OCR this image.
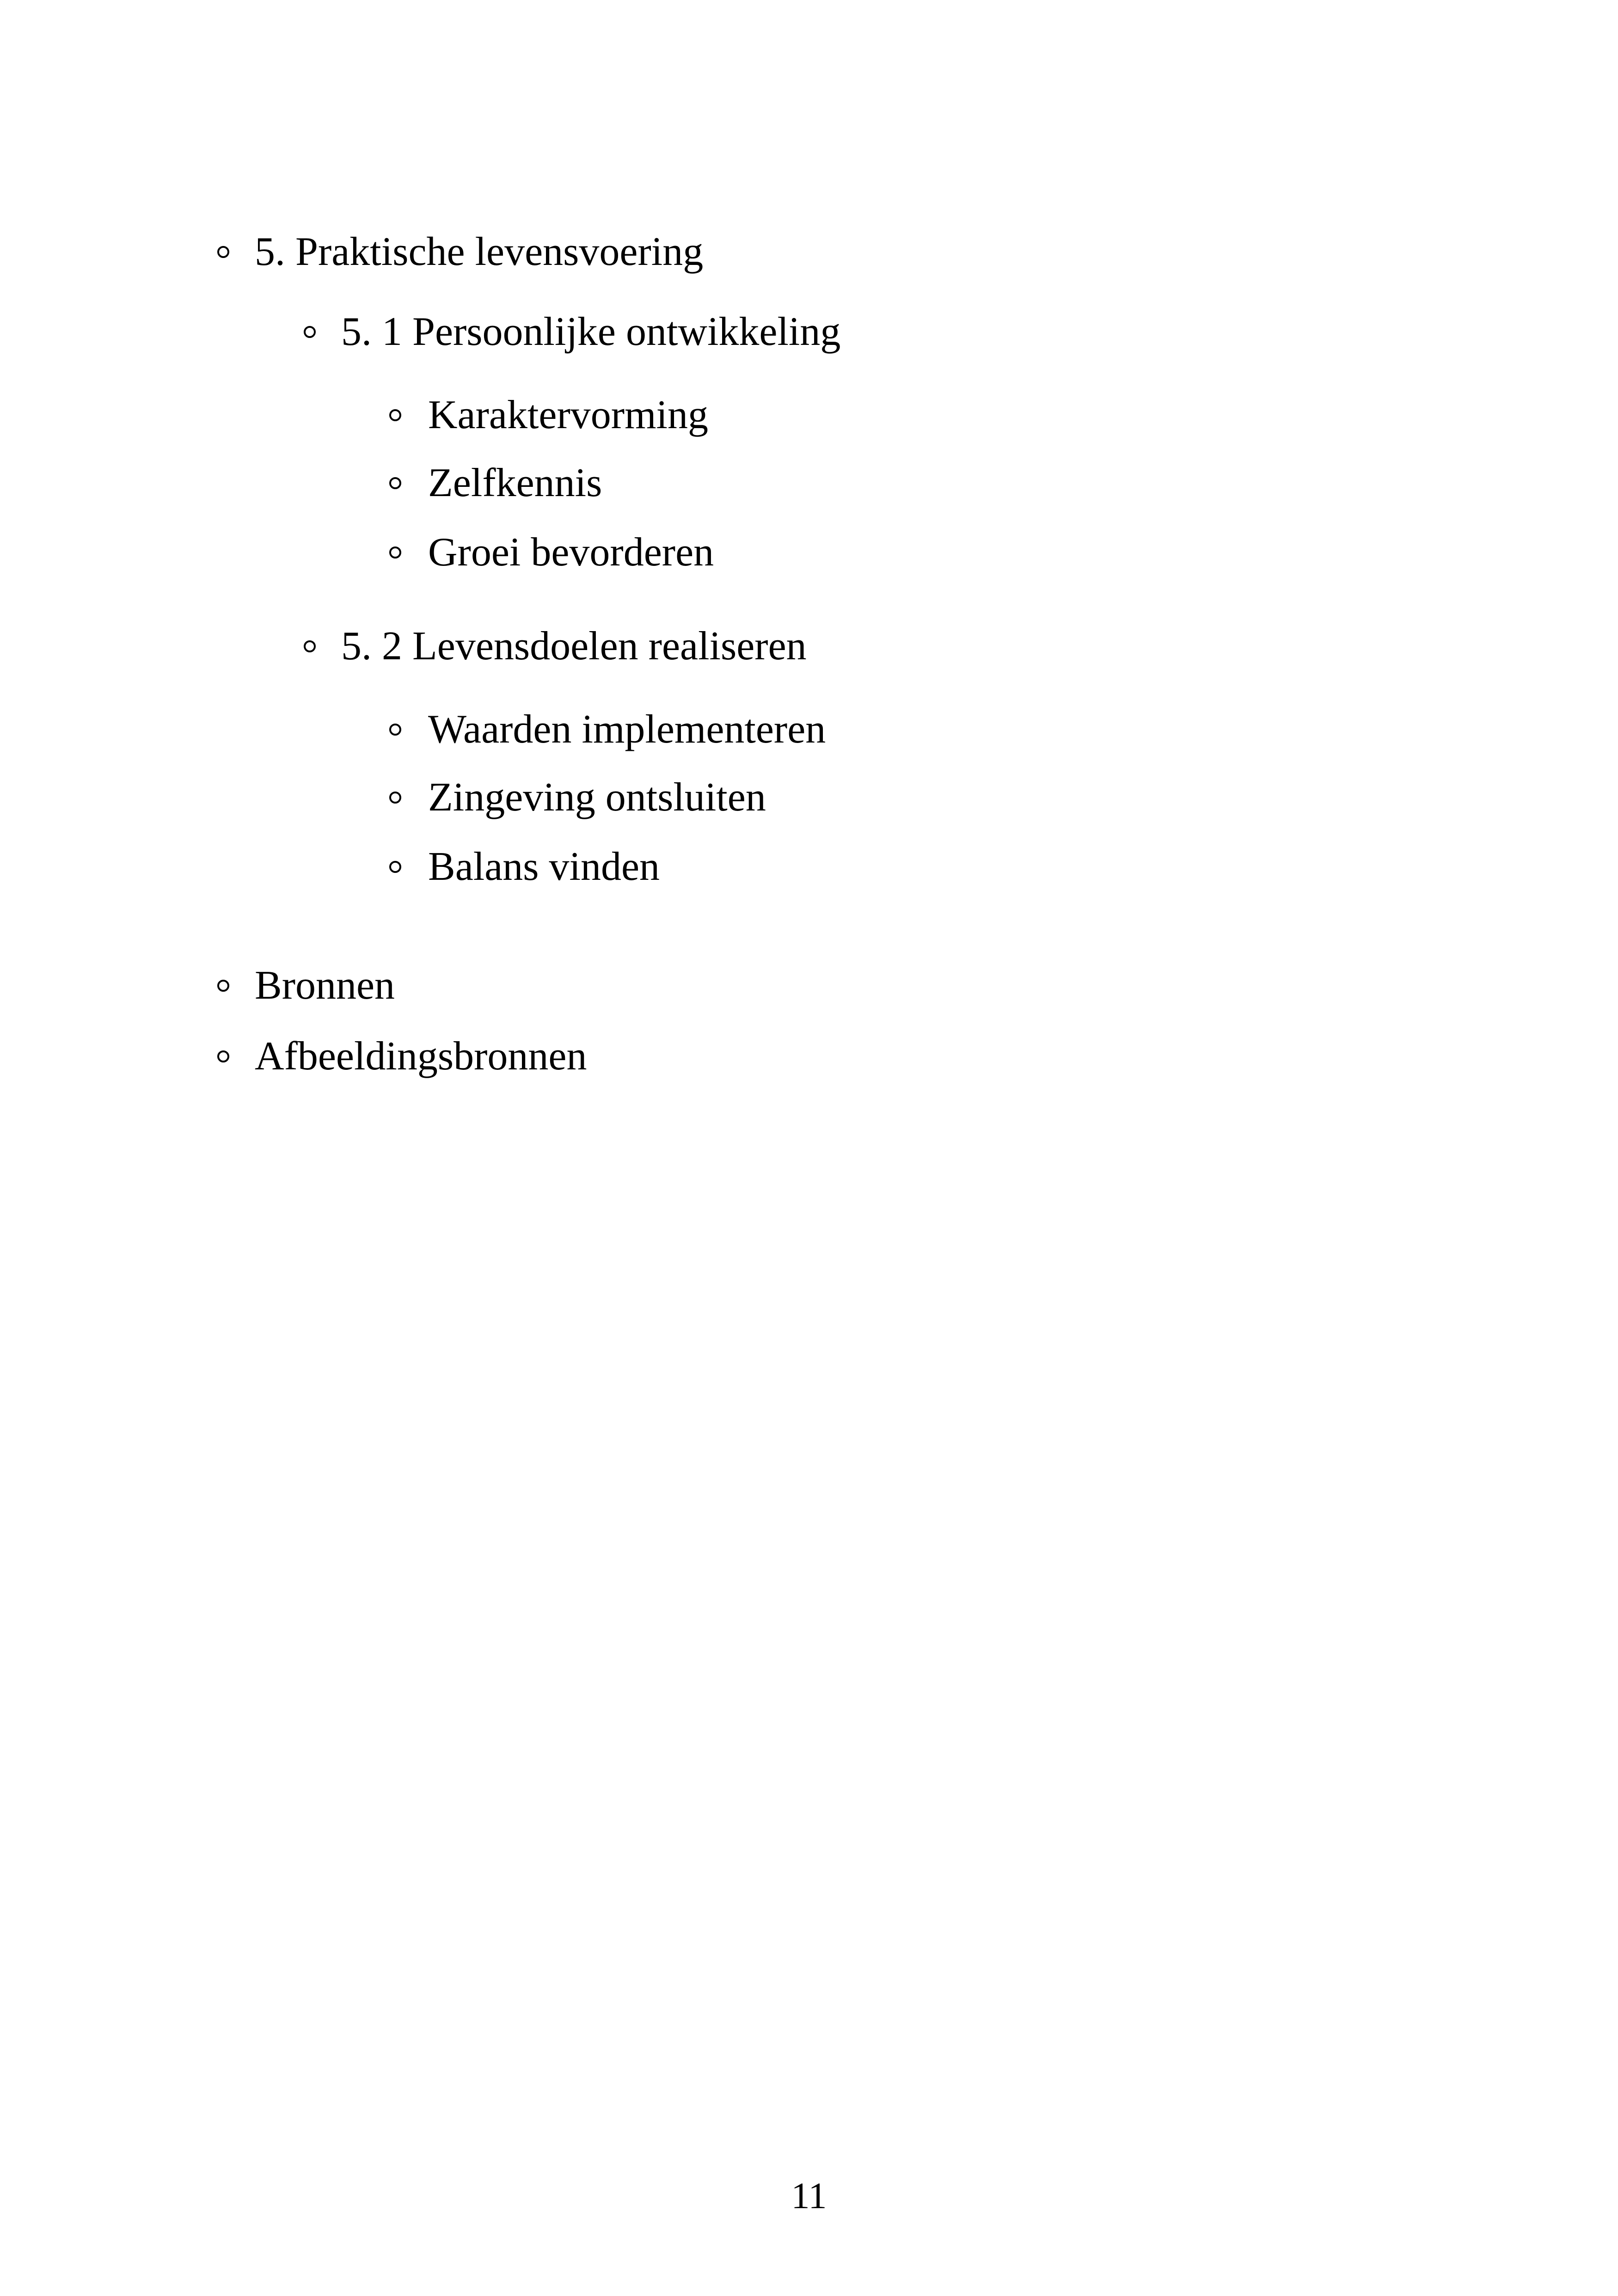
5. Praktische levensvoering
5. 1 Persoonlijke ontwikkeling
Karaktervorming
Zelfkennis
Groei bevorderen
5. 2 Levensdoelen realiseren
Waarden implementeren
Zingeving ontsluiten
Balans vinden
Bronnen
Afbeeldingsbronnen
11
